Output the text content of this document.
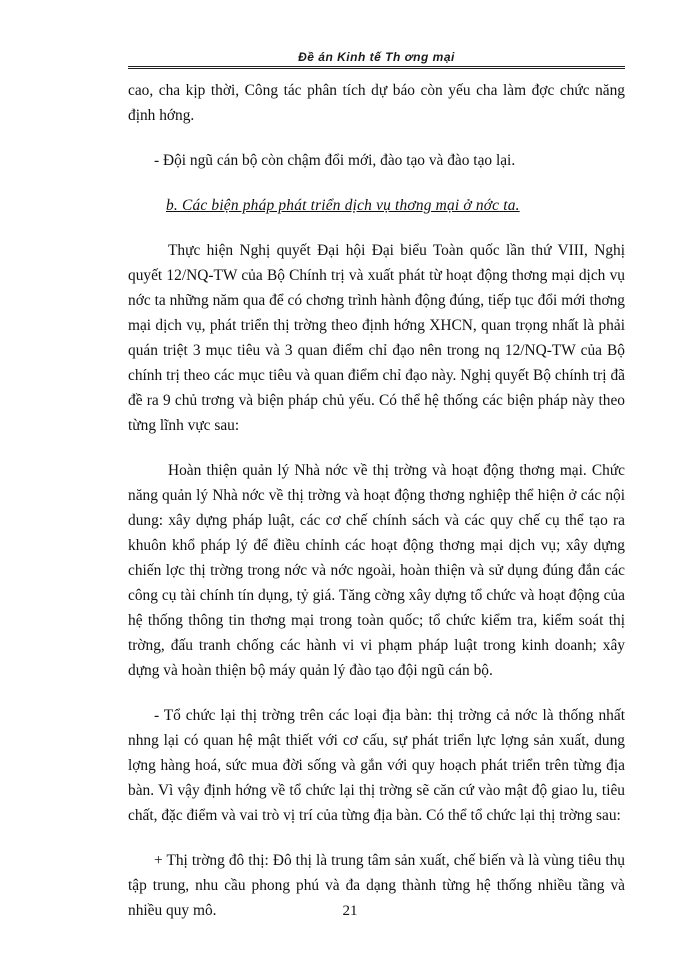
Đề án Kinh tế Th ơng mại

cao, cha kịp thời, Công tác phân tích dự báo còn yếu cha làm đợc chức năng định hớng.

- Đội ngũ cán bộ còn chậm đổi mới, đào tạo và đào tạo lại.

b. Các biện pháp phát triển dịch vụ thơng mại ở nớc ta.

Thực hiện Nghị quyết Đại hội Đại biểu Toàn quốc lần thứ VIII, Nghị quyết 12/NQ-TW của Bộ Chính trị và xuất phát từ hoạt động thơng mại dịch vụ nớc ta những năm qua để có chơng trình hành động đúng, tiếp tục đổi mới thơng mại dịch vụ, phát triển thị trờng theo định hớng XHCN, quan trọng nhất là phải quán triệt 3 mục tiêu và 3 quan điểm chỉ đạo nên trong nq 12/NQ-TW của Bộ chính trị theo các mục tiêu và quan điểm chỉ đạo này. Nghị quyết Bộ chính trị đã đề ra 9 chủ trơng và biện pháp chủ yếu. Có thể hệ thống các biện pháp này theo từng lĩnh vực sau:

Hoàn thiện quản lý Nhà nớc về thị trờng và hoạt động thơng mại. Chức năng quản lý Nhà nớc về thị trờng và hoạt động thơng nghiệp thể hiện ở các nội dung: xây dựng pháp luật, các cơ chế chính sách và các quy chế cụ thể tạo ra khuôn khổ pháp lý để điều chỉnh các hoạt động thơng mại dịch vụ; xây dựng chiến lợc thị trờng trong nớc và nớc ngoài, hoàn thiện và sử dụng đúng đắn các công cụ tài chính tín dụng, tỷ giá. Tăng cờng xây dựng tổ chức và hoạt động của hệ thống thông tin thơng mại trong toàn quốc; tổ chức kiểm tra, kiểm soát thị trờng, đấu tranh chống các hành vi vi phạm pháp luật trong kinh doanh; xây dựng và hoàn thiện bộ máy quản lý đào tạo đội ngũ cán bộ.

- Tổ chức lại thị trờng trên các loại địa bàn: thị trờng cả nớc là thống nhất nhng lại có quan hệ mật thiết với cơ cấu, sự phát triển lực lợng sản xuất, dung lợng hàng hoá, sức mua đời sống và gắn với quy hoạch phát triển trên từng địa bàn. Vì vậy định hớng về tổ chức lại thị trờng sẽ căn cứ vào mật độ giao lu, tiêu chất, đặc điểm và vai trò vị trí của từng địa bàn. Có thể tổ chức lại thị trờng sau:

+ Thị trờng đô thị: Đô thị là trung tâm sản xuất, chế biến và là vùng tiêu thụ tập trung, nhu cầu phong phú và đa dạng thành từng hệ thống nhiều tầng và nhiều quy mô.	21
